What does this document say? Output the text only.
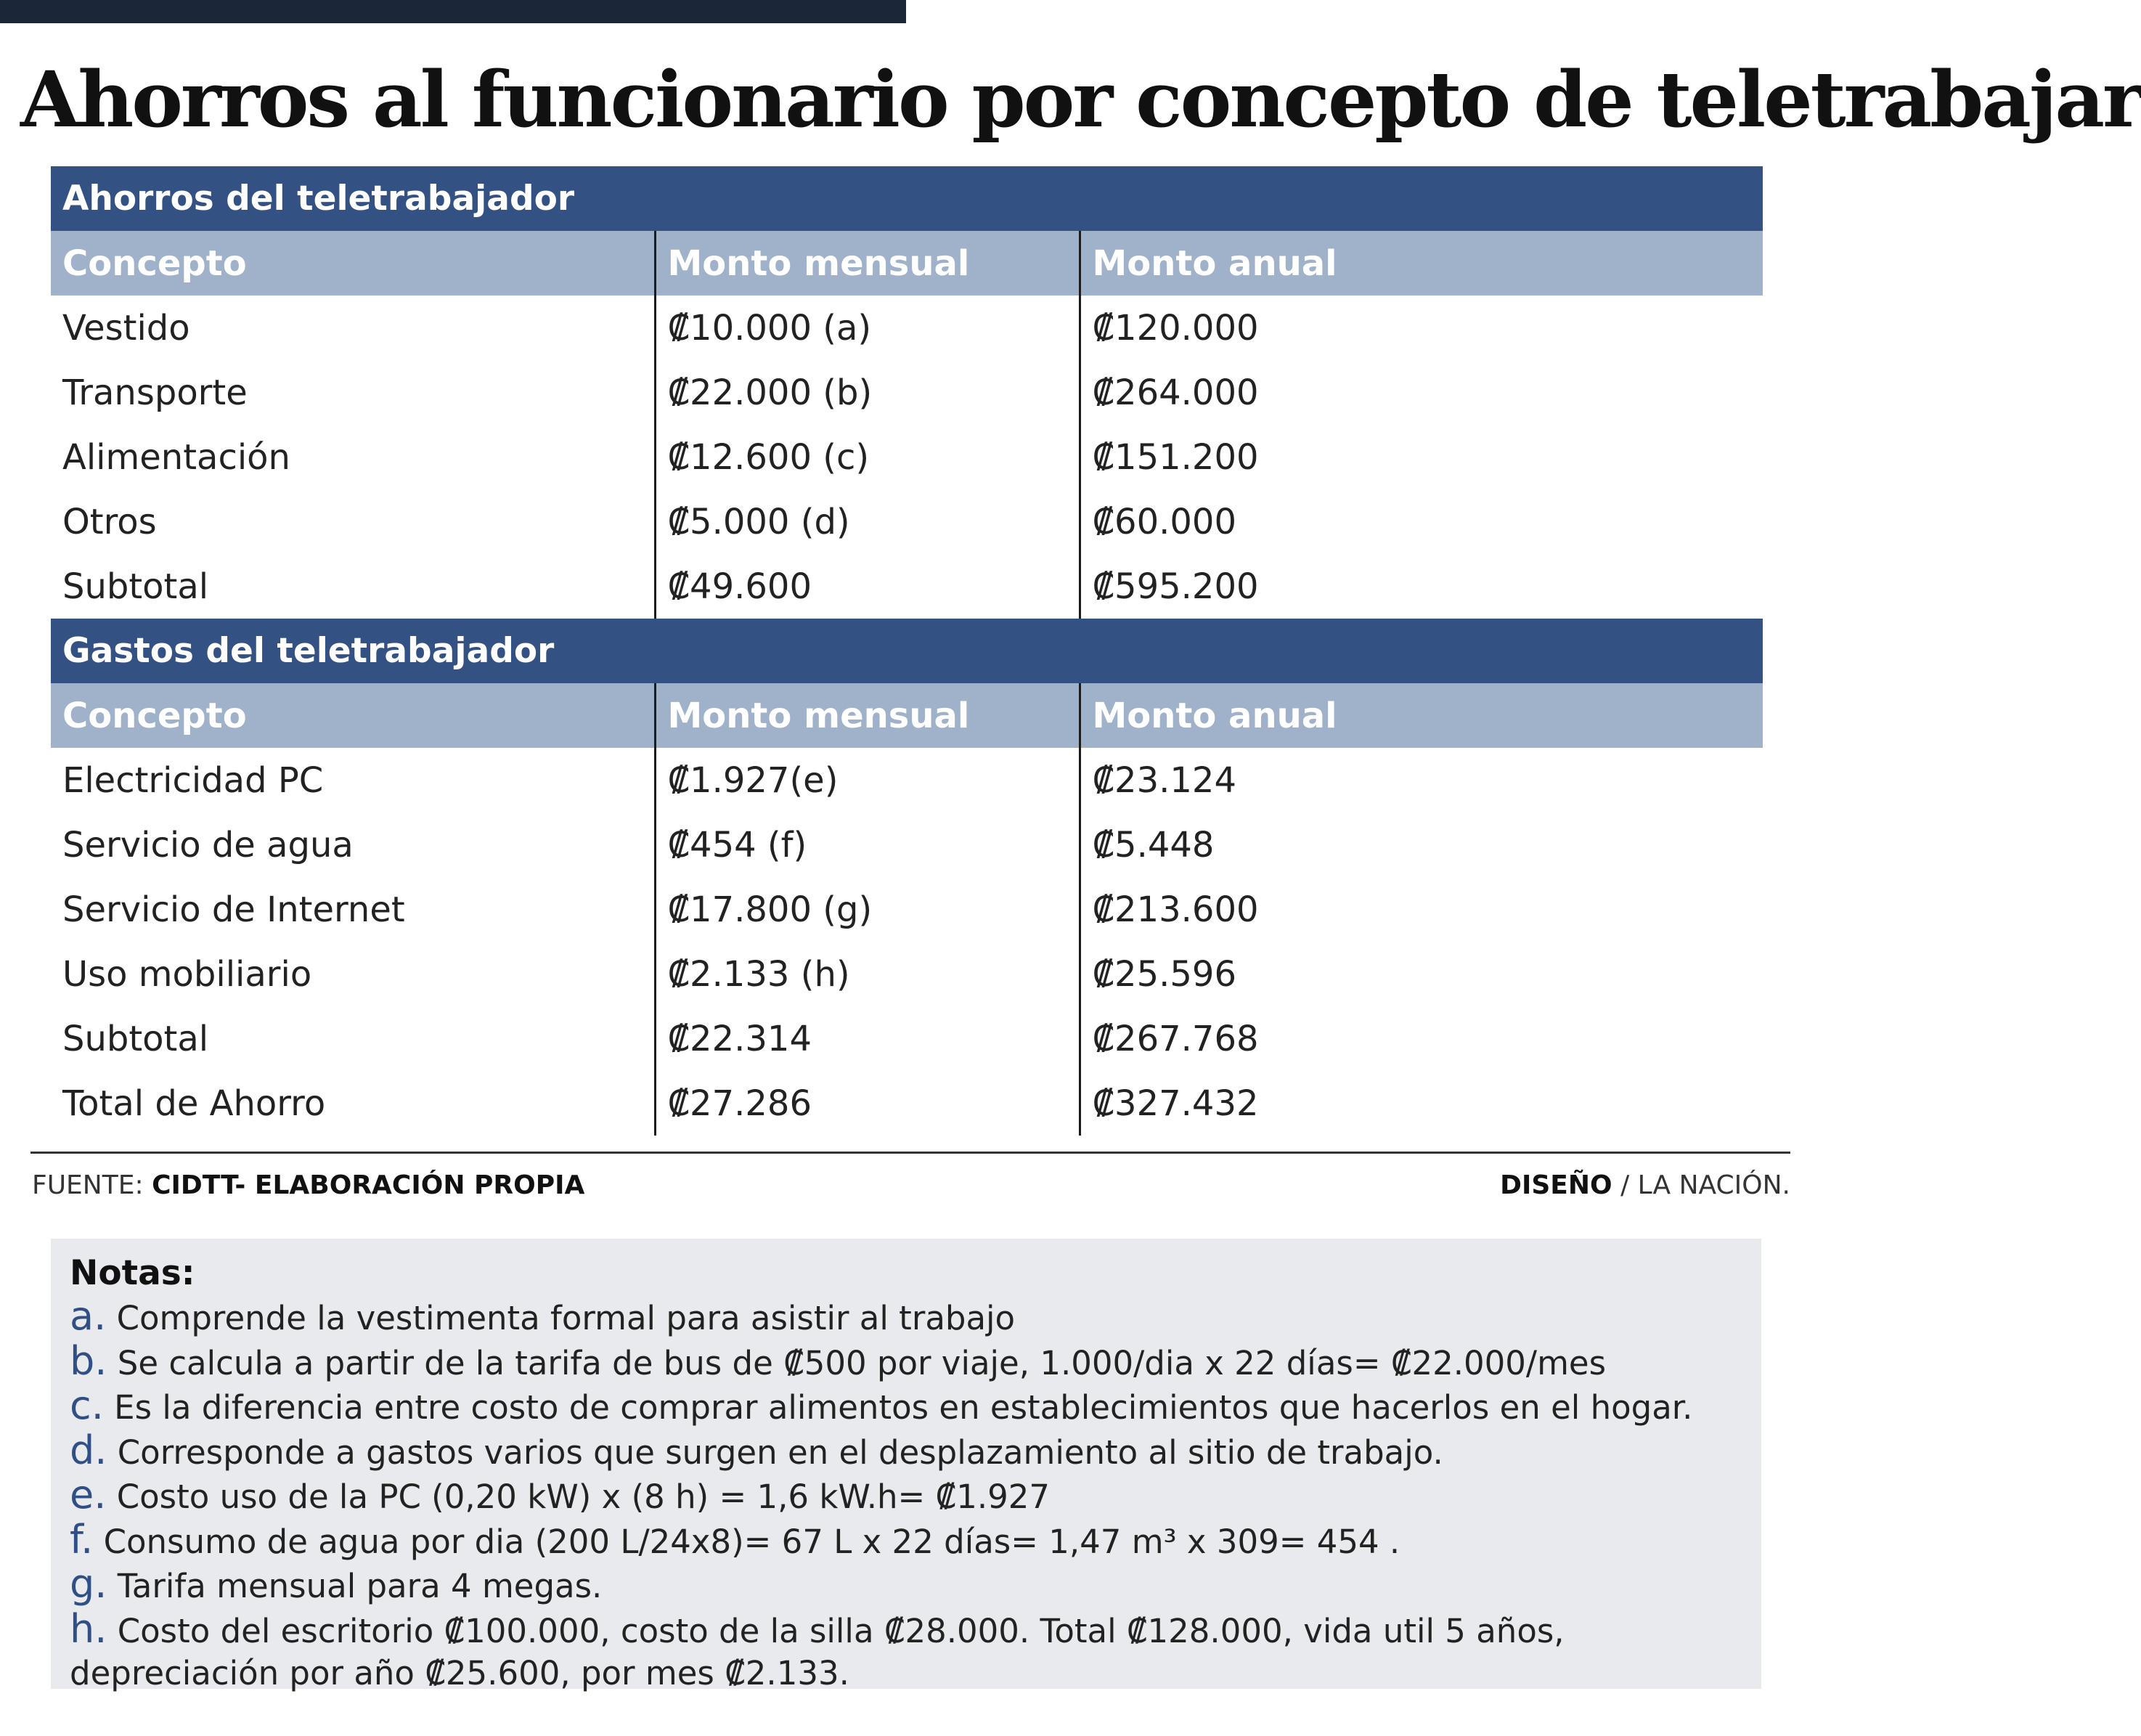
Ahorros al funcionario por concepto de teletrabajar
Ahorros del teletrabajador		
Concepto	Monto mensual	Monto anual
Vestido	₡10.000 (a)	₡120.000
Transporte	₡22.000 (b)	₡264.000
Alimentación	₡12.600 (c)	₡151.200
Otros	₡5.000 (d)	₡60.000
Subtotal	₡49.600	₡595.200
Gastos del teletrabajador		
Concepto	Monto mensual	Monto anual
Electricidad PC	₡1.927(e)	₡23.124
Servicio de agua	₡454 (f)	₡5.448
Servicio de Internet	₡17.800 (g)	₡213.600
Uso mobiliario	₡2.133 (h)	₡25.596
Subtotal	₡22.314	₡267.768
Total de Ahorro	₡27.286	₡327.432
FUENTE: CIDTT- ELABORACIÓN PROPIA	DISEÑO / LA NACIÓN.
Notas:
a. Comprende la vestimenta formal para asistir al trabajo
b. Se calcula a partir de la tarifa de bus de ₡500 por viaje, 1.000/dia x 22 días= ₡22.000/mes
c. Es la diferencia entre costo de comprar alimentos en establecimientos que hacerlos en el hogar.
d. Corresponde a gastos varios que surgen en el desplazamiento al sitio de trabajo.
e. Costo uso de la PC (0,20 kW) x (8 h) = 1,6 kW.h= ₡1.927
f. Consumo de agua por dia (200 L/24x8)= 67 L x 22 días= 1,47 m³ x 309= 454 .
g. Tarifa mensual para 4 megas.
h. Costo del escritorio ₡100.000, costo de la silla ₡28.000. Total ₡128.000, vida util 5 años, depreciación por año ₡25.600, por mes ₡2.133.
